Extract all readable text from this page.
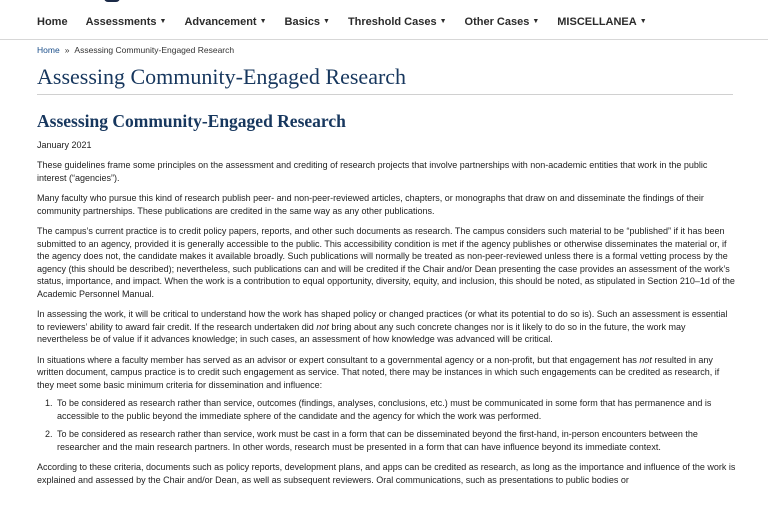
Home Assessments ▼ Advancement ▼ Basics ▼ Threshold Cases ▼ Other Cases ▼ MISCELLANEA ▼
Home » Assessing Community-Engaged Research
Assessing Community-Engaged Research
Assessing Community-Engaged Research
January 2021

These guidelines frame some principles on the assessment and crediting of research projects that involve partnerships with non-academic entities that work in the public interest (“agencies”).

Many faculty who pursue this kind of research publish peer- and non-peer-reviewed articles, chapters, or monographs that draw on and disseminate the findings of their community partnerships. These publications are credited in the same way as any other publications.

The campus’s current practice is to credit policy papers, reports, and other such documents as research. The campus considers such material to be “published” if it has been submitted to an agency, provided it is generally accessible to the public. This accessibility condition is met if the agency publishes or otherwise disseminates the material or, if the agency does not, the candidate makes it available broadly. Such publications will normally be treated as non-peer-reviewed unless there is a formal vetting process by the agency (this should be described); nevertheless, such publications can and will be credited if the Chair and/or Dean presenting the case provides an assessment of the work’s status, importance, and impact. When the work is a contribution to equal opportunity, diversity, equity, and inclusion, this should be noted, as stipulated in Section 210–1d of the Academic Personnel Manual.

In assessing the work, it will be critical to understand how the work has shaped policy or changed practices (or what its potential to do so is). Such an assessment is essential to reviewers’ ability to award fair credit. If the research undertaken did not bring about any such concrete changes nor is it likely to do so in the future, the work may nevertheless be of value if it advances knowledge; in such cases, an assessment of how knowledge was advanced will be critical.

In situations where a faculty member has served as an advisor or expert consultant to a governmental agency or a non-profit, but that engagement has not resulted in any written document, campus practice is to credit such engagement as service. That noted, there may be instances in which such engagements can be credited as research, if they meet some basic minimum criteria for dissemination and influence:

1. To be considered as research rather than service, outcomes (findings, analyses, conclusions, etc.) must be communicated in some form that has permanence and is accessible to the public beyond the immediate sphere of the candidate and the agency for which the work was performed.
2. To be considered as research rather than service, work must be cast in a form that can be disseminated beyond the first-hand, in-person encounters between the researcher and the main research partners. In other words, research must be presented in a form that can have influence beyond its immediate context.

According to these criteria, documents such as policy reports, development plans, and apps can be credited as research, as long as the importance and influence of the work is explained and assessed by the Chair and/or Dean, as well as subsequent reviewers. Oral communications, such as presentations to public bodies or
